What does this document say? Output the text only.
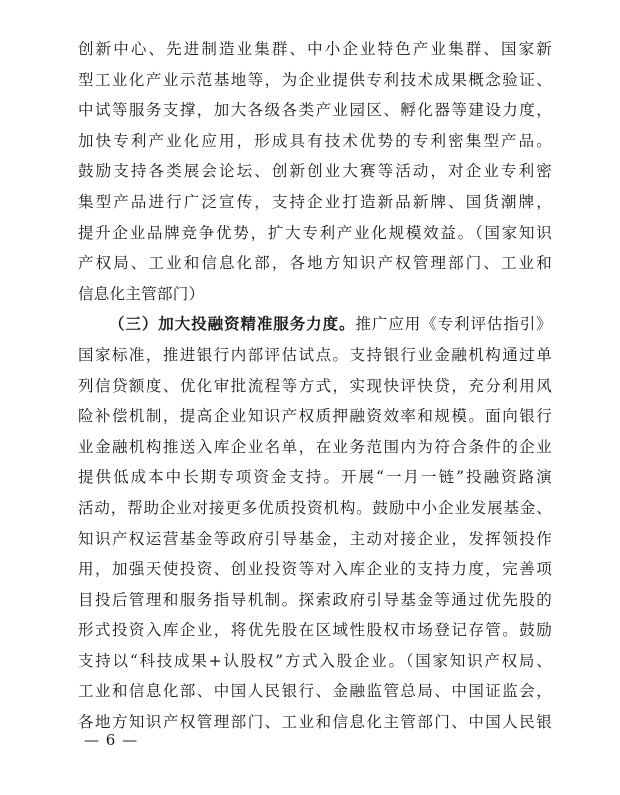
创新中心、先进制造业集群、中小企业特色产业集群、国家新
型工业化产业示范基地等，为企业提供专利技术成果概念验证、
中试等服务支撑，加大各级各类产业园区、孵化器等建设力度，
加快专利产业化应用，形成具有技术优势的专利密集型产品。
鼓励支持各类展会论坛、创新创业大赛等活动，对企业专利密
集型产品进行广泛宣传，支持企业打造新品新牌、国货潮牌，
提升企业品牌竞争优势，扩大专利产业化规模效益。（国家知识
产权局、工业和信息化部，各地方知识产权管理部门、工业和
信息化主管部门）
（三）加大投融资精准服务力度。推广应用《专利评估指引》
国家标准，推进银行内部评估试点。支持银行业金融机构通过单
列信贷额度、优化审批流程等方式，实现快评快贷，充分利用风
险补偿机制，提高企业知识产权质押融资效率和规模。面向银行
业金融机构推送入库企业名单，在业务范围内为符合条件的企业
提供低成本中长期专项资金支持。开展“一月一链”投融资路演
活动，帮助企业对接更多优质投资机构。鼓励中小企业发展基金、
知识产权运营基金等政府引导基金，主动对接企业，发挥领投作
用，加强天使投资、创业投资等对入库企业的支持力度，完善项
目投后管理和服务指导机制。探索政府引导基金等通过优先股的
形式投资入库企业，将优先股在区域性股权市场登记存管。鼓励
支持以“科技成果+认股权”方式入股企业。（国家知识产权局、
工业和信息化部、中国人民银行、金融监管总局、中国证监会，
各地方知识产权管理部门、工业和信息化主管部门、中国人民银
— 6 —
